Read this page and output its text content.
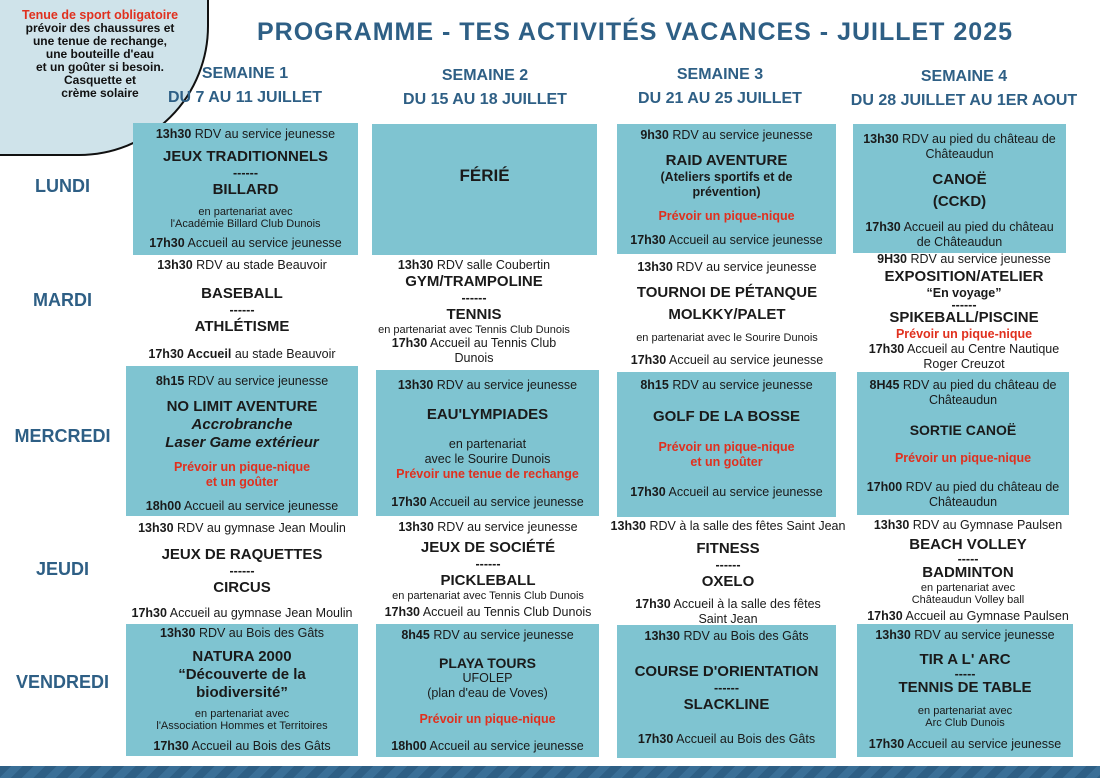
Tenue de sport obligatoire
prévoir des chaussures et
une tenue de rechange,
une bouteille d'eau
et un goûter si besoin.
Casquette et
crème solaire
PROGRAMME - TES ACTIVITÉS VACANCES - JUILLET 2025
SEMAINE 1
DU 7 AU 11 JUILLET
SEMAINE 2
DU 15 AU 18 JUILLET
SEMAINE 3
DU 21 AU 25 JUILLET
SEMAINE 4
DU 28 JUILLET AU 1ER AOUT
LUNDI
MARDI
MERCREDI
JEUDI
VENDREDI
13h30 RDV au service jeunesse
JEUX TRADITIONNELS
------
BILLARD
en partenariat avec
l'Académie Billard Club Dunois
17h30 Accueil au service jeunesse
13h30 RDV au stade Beauvoir
BASEBALL
------
ATHLÉTISME
17h30 Accueil au stade Beauvoir
8h15 RDV au service jeunesse
NO LIMIT AVENTURE
Accrobranche
Laser Game extérieur
Prévoir un pique-nique
et un goûter
18h00 Accueil au service jeunesse
13h30 RDV au gymnase Jean Moulin
JEUX DE RAQUETTES
------
CIRCUS
17h30 Accueil au gymnase Jean Moulin
13h30 RDV au Bois des Gâts
NATURA 2000
“Découverte de la
biodiversité”
en partenariat avec
l'Association Hommes et Territoires
17h30 Accueil au Bois des Gâts
FÉRIÉ
13h30 RDV salle Coubertin
GYM/TRAMPOLINE
------
TENNIS
en partenariat avec Tennis Club Dunois
17h30 Accueil au Tennis Club
Dunois
13h30 RDV au service jeunesse
EAU'LYMPIADES
en partenariat
avec le Sourire Dunois
Prévoir une tenue de rechange
17h30 Accueil au service jeunesse
13h30 RDV au service jeunesse
JEUX DE SOCIÉTÉ
------
PICKLEBALL
en partenariat avec Tennis Club Dunois
17h30 Accueil au Tennis Club Dunois
8h45 RDV au service jeunesse
PLAYA TOURS
UFOLEP
(plan d'eau de Voves)
Prévoir un pique-nique
18h00 Accueil au service jeunesse
9h30 RDV au service jeunesse
RAID AVENTURE
(Ateliers sportifs et de
prévention)
Prévoir un pique-nique
17h30 Accueil au service jeunesse
13h30 RDV au service jeunesse
TOURNOI DE PÉTANQUE
MOLKKY/PALET
en partenariat avec le Sourire Dunois
17h30 Accueil au service jeunesse
8h15 RDV au service jeunesse
GOLF DE LA BOSSE
Prévoir un pique-nique
et un goûter
17h30 Accueil au service jeunesse
13h30 RDV à la salle des fêtes Saint Jean
FITNESS
------
OXELO
17h30 Accueil à la salle des fêtes
Saint Jean
13h30 RDV au Bois des Gâts
COURSE D'ORIENTATION
------
SLACKLINE
17h30 Accueil au Bois des Gâts
13h30 RDV au pied du château de
Châteaudun
CANOË
(CCKD)
17h30 Accueil au pied du château
de Châteaudun
9H30 RDV au service jeunesse
EXPOSITION/ATELIER
“En voyage”
------
SPIKEBALL/PISCINE
Prévoir un pique-nique
17h30 Accueil au Centre Nautique
Roger Creuzot
8H45 RDV au pied du château de
Châteaudun
SORTIE CANOË
Prévoir un pique-nique
17h00 RDV au pied du château de
Châteaudun
13h30 RDV au Gymnase Paulsen
BEACH VOLLEY
-----
BADMINTON
en partenariat avec
Châteaudun Volley ball
17h30 Accueil au Gymnase Paulsen
13h30 RDV au service jeunesse
TIR A L' ARC
-----
TENNIS DE TABLE
en partenariat avec
Arc Club Dunois
17h30 Accueil au service jeunesse
